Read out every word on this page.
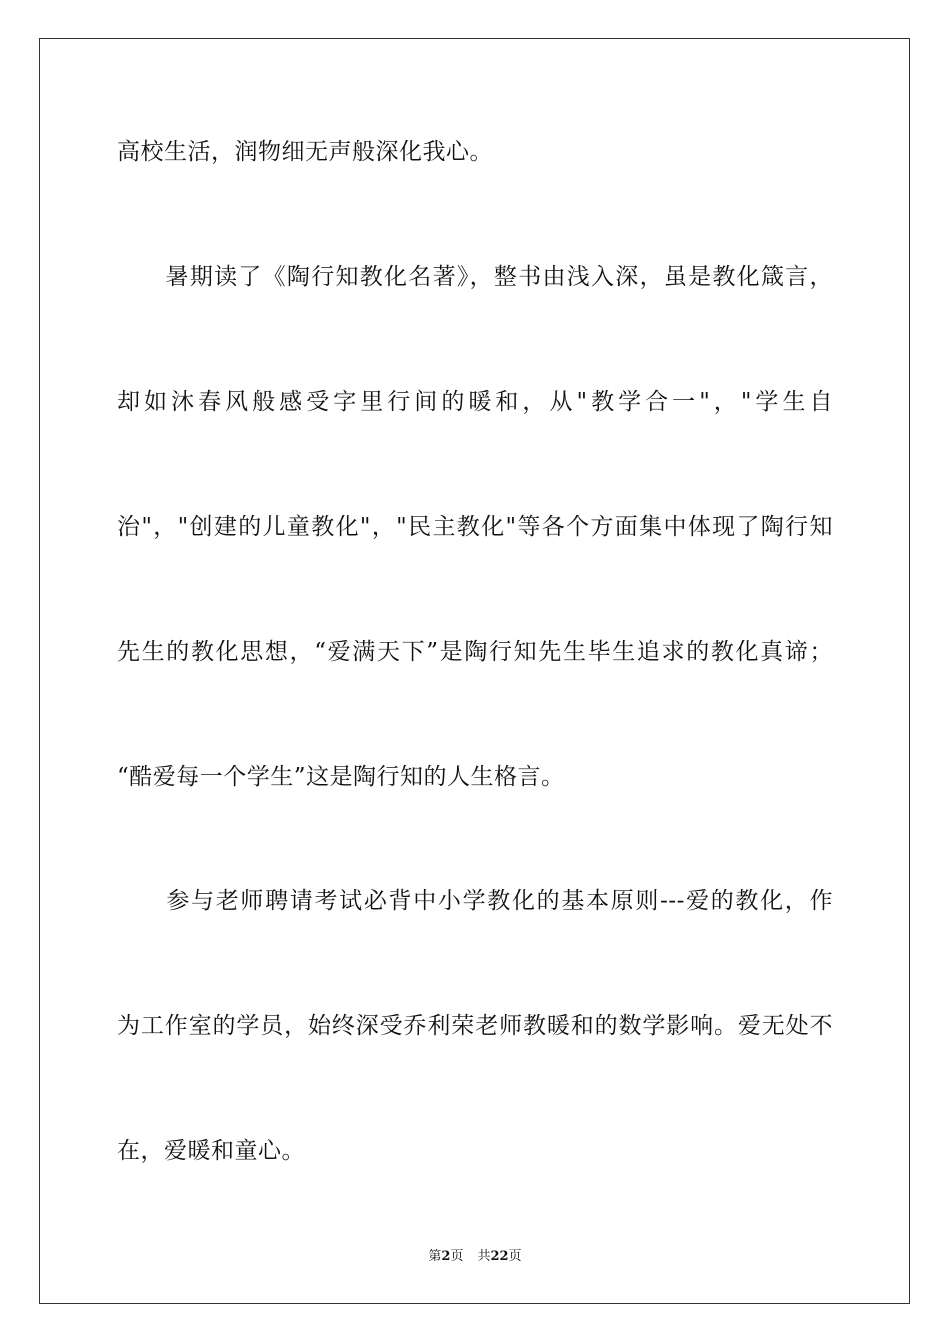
高校生活，润物细无声般深化我心。
　　暑期读了《陶行知教化名著》，整书由浅入深，虽是教化箴言，
却如沐春风般感受字里行间的暖和，从"教学合一"，"学生自
治"，"创建的儿童教化"，"民主教化"等各个方面集中体现了陶行知
先生的教化思想，“爱满天下”是陶行知先生毕生追求的教化真谛；
“酷爱每一个学生”这是陶行知的人生格言。
　　参与老师聘请考试必背中小学教化的基本原则---爱的教化，作
为工作室的学员，始终深受乔利荣老师教暖和的数学影响。爱无处不
在，爱暖和童心。
第2页 共22页
